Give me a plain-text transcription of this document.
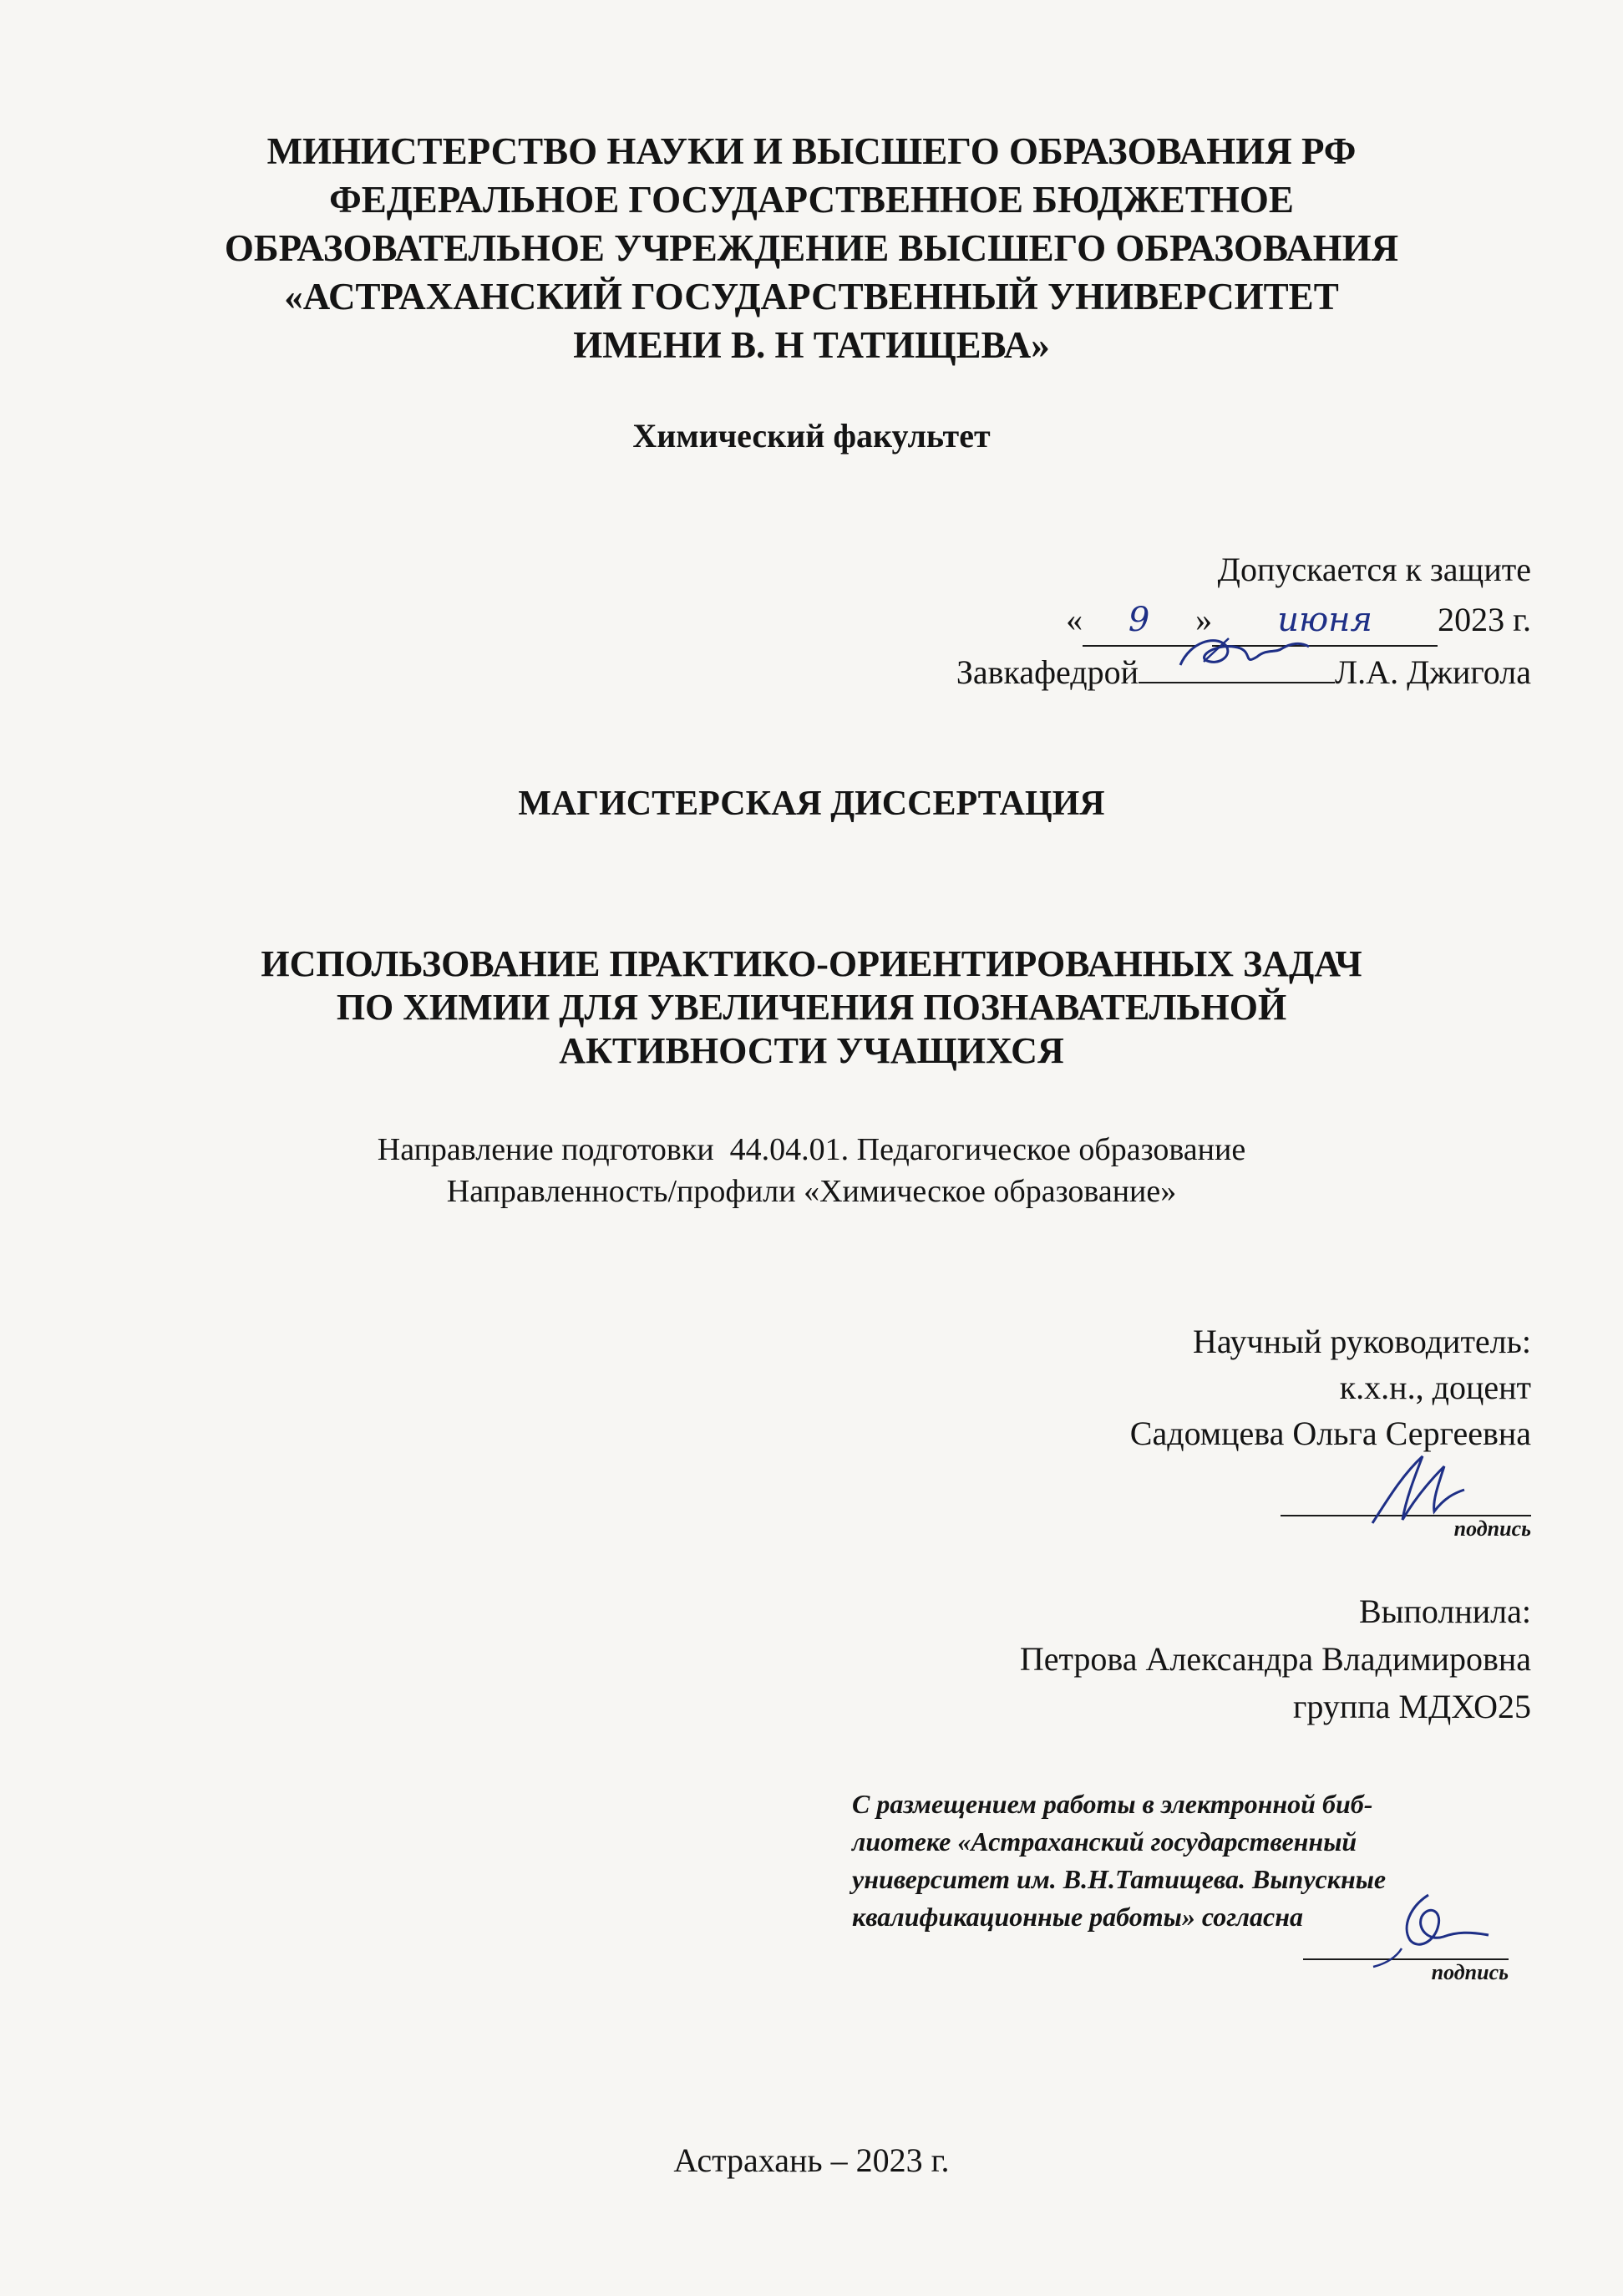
МИНИСТЕРСТВО НАУКИ И ВЫСШЕГО ОБРАЗОВАНИЯ РФ
ФЕДЕРАЛЬНОЕ ГОСУДАРСТВЕННОЕ БЮДЖЕТНОЕ
ОБРАЗОВАТЕЛЬНОЕ УЧРЕЖДЕНИЕ ВЫСШЕГО ОБРАЗОВАНИЯ
«АСТРАХАНСКИЙ ГОСУДАРСТВЕННЫЙ УНИВЕРСИТЕТ
ИМЕНИ В. Н ТАТИЩЕВА»
Химический факультет
Допускается к защите
« 9 » июня 2023 г.
Завкафедрой	Л.А. Джигола
МАГИСТЕРСКАЯ ДИССЕРТАЦИЯ
ИСПОЛЬЗОВАНИЕ ПРАКТИКО-ОРИЕНТИРОВАННЫХ ЗАДАЧ
ПО ХИМИИ ДЛЯ УВЕЛИЧЕНИЯ ПОЗНАВАТЕЛЬНОЙ
АКТИВНОСТИ УЧАЩИХСЯ
Направление подготовки  44.04.01. Педагогическое образование
Направленность/профили «Химическое образование»
Научный руководитель:
к.х.н., доцент
Садомцева Ольга Сергеевна
подпись
Выполнила:
Петрова Александра Владимировна
группа МДХО25
С размещением работы в электронной биб-
лиотеке «Астраханский государственный
университет им. В.Н.Татищева. Выпускные
квалификационные работы» согласна
подпись
Астрахань – 2023 г.
